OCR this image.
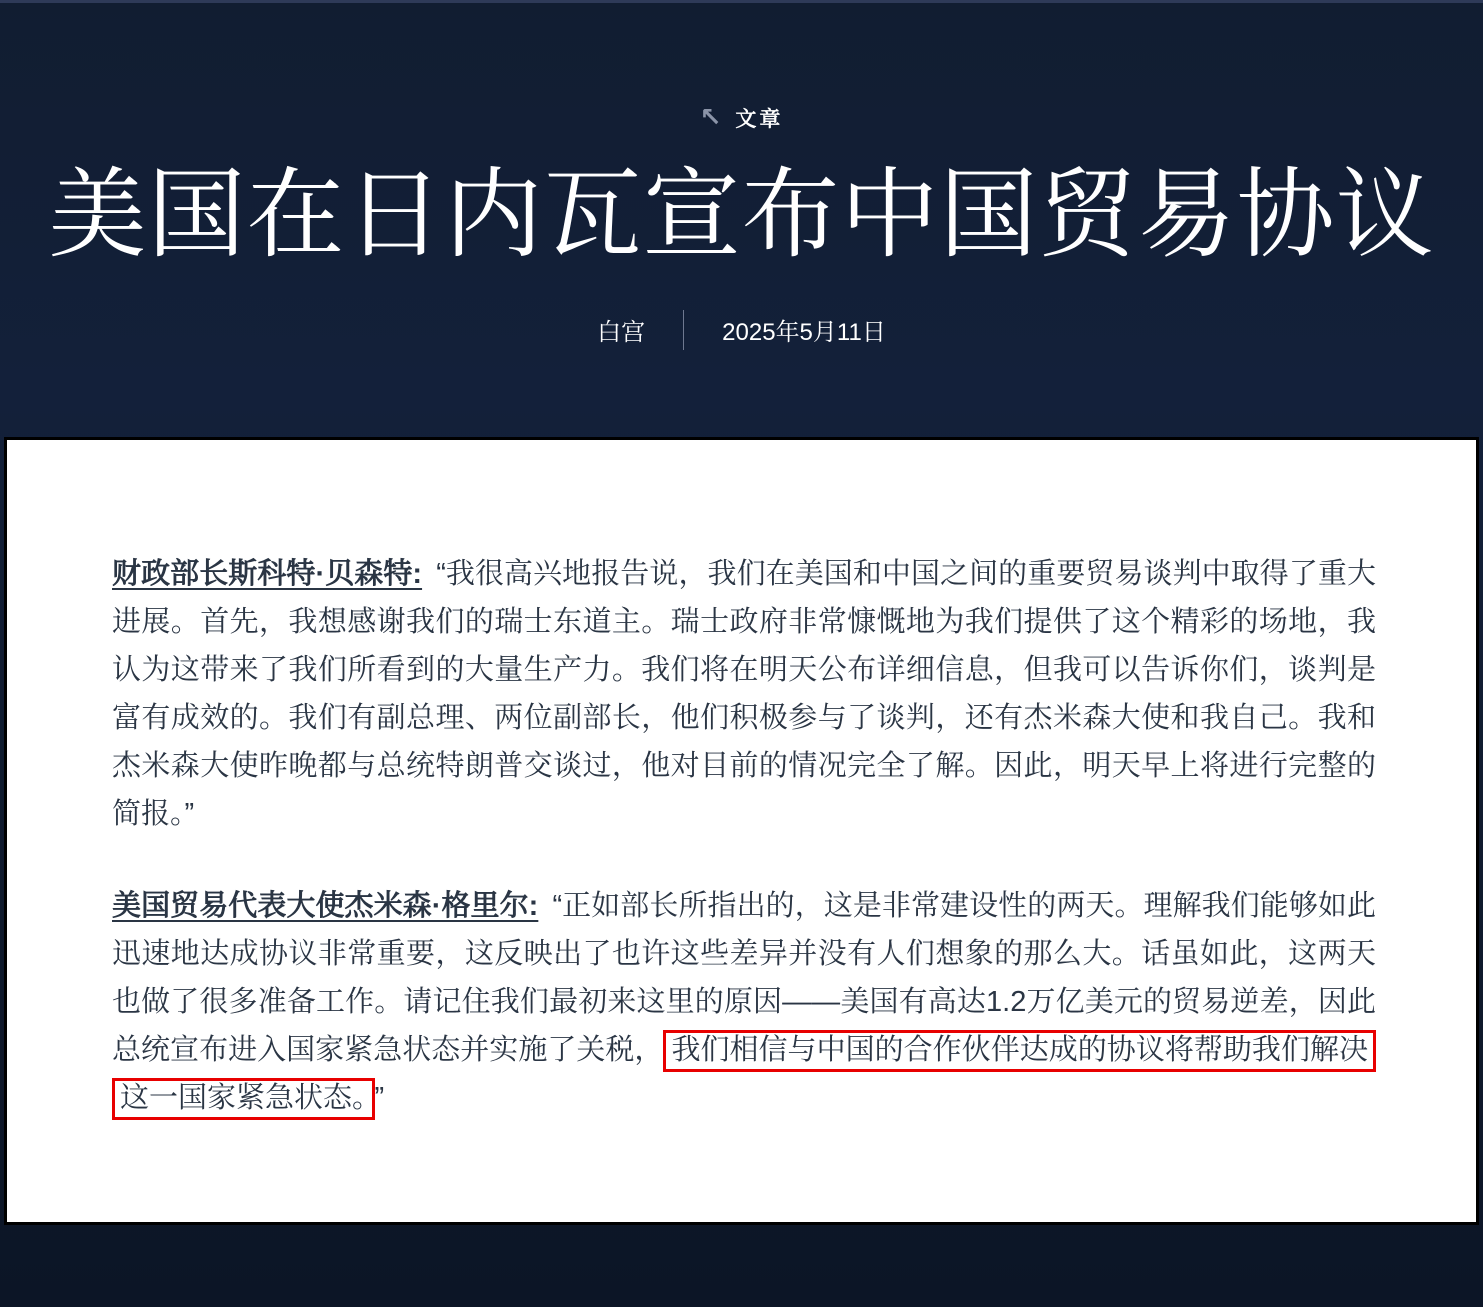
↖ 文章
美国在日内瓦宣布中国贸易协议
白宫	2025年5月11日

财政部长斯科特·贝森特: “我很高兴地报告说，我们在美国和中国之间的重要贸易谈判中取得了重大进展。首先，我想感谢我们的瑞士东道主。瑞士政府非常慷慨地为我们提供了这个精彩的场地，我认为这带来了我们所看到的大量生产力。我们将在明天公布详细信息，但我可以告诉你们，谈判是富有成效的。我们有副总理、两位副部长，他们积极参与了谈判，还有杰米森大使和我自己。我和杰米森大使昨晚都与总统特朗普交谈过，他对目前的情况完全了解。因此，明天早上将进行完整的简报。”

美国贸易代表大使杰米森·格里尔: “正如部长所指出的，这是非常建设性的两天。理解我们能够如此迅速地达成协议非常重要，这反映出了也许这些差异并没有人们想象的那么大。话虽如此，这两天也做了很多准备工作。请记住我们最初来这里的原因——美国有高达1.2万亿美元的贸易逆差，因此总统宣布进入国家紧急状态并实施了关税， 我们相信与中国的合作伙伴达成的协议将帮助我们解决这一国家紧急状态。 ”
